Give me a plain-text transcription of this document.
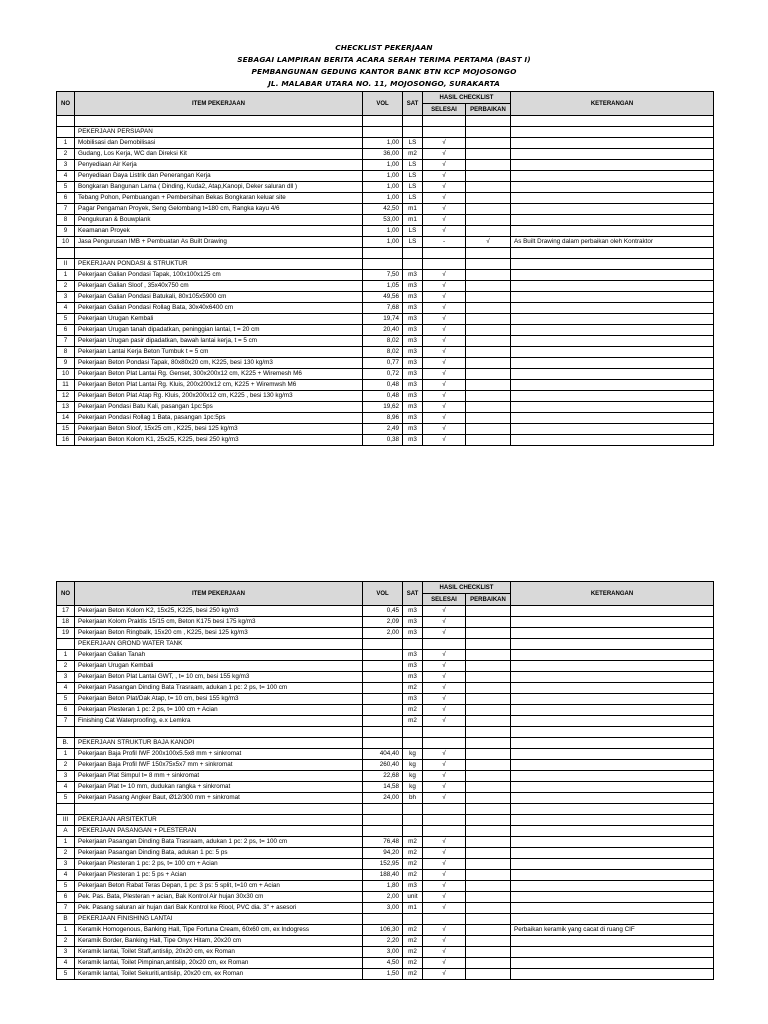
CHECKLIST PEKERJAAN
SEBAGAI LAMPIRAN BERITA ACARA SERAH TERIMA PERTAMA (BAST I)
PEMBANGUNAN GEDUNG KANTOR BANK BTN KCP MOJOSONGO
JL. MALABAR UTARA NO. 11, MOJOSONGO, SURAKARTA
NO	ITEM PEKERJAAN	VOL	SAT	HASIL CHECKLIST		KETERANGAN
				SELESAI	PERBAIKAN	

	PEKERJAAN PERSIAPAN					
1	Mobilisasi dan Demobilisasi	1,00	LS	√		
2	Gudang, Los Kerja, WC dan Direksi Kit	36,00	m2	√		
3	Penyediaan Air Kerja	1,00	LS	√		
4	Penyediaan Daya Listrik dan Penerangan Kerja	1,00	LS	√		
5	Bongkaran Bangunan Lama ( Dinding, Kuda2, Atap,Kanopi, Deker saluran dll )	1,00	LS	√		
6	Tebang Pohon, Pembuangan + Pembersihan Bekas Bongkaran keluar site	1,00	LS	√		
7	Pagar Pengaman Proyek, Seng Gelombang t=180 cm, Rangka kayu 4/6	42,50	m1	√		
8	Pengukuran & Bouwplank	53,00	m1	√		
9	Keamanan Proyek	1,00	LS	√		
10	Jasa Pengurusan IMB + Pembuatan As Built Drawing	1,00	LS	-	√	As Built Drawing dalam perbaikan oleh Kontraktor

II	PEKERJAAN PONDASI & STRUKTUR					
1	Pekerjaan Galian Pondasi Tapak, 100x100x125 cm	7,50	m3	√		
2	Pekerjaan Galian Sloof , 35x40x750 cm	1,05	m3	√		
3	Pekerjaan Galian Pondasi Batukali, 80x105x5900 cm	49,56	m3	√		
4	Pekerjaan Galian Pondasi Rollag Bata, 30x40x6400 cm	7,68	m3	√		
5	Pekerjaan Urugan Kembali	19,74	m3	√		
6	Pekerjaan Urugan tanah dipadatkan, peninggian lantai, t = 20 cm	20,40	m3	√		
7	Pekerjaan Urugan pasir dipadatkan, bawah lantai kerja, t = 5 cm	8,02	m3	√		
8	Pekerjaan Lantai Kerja Beton Tumbuk t = 5 cm	8,02	m3	√		
9	Pekerjaan Beton Pondasi Tapak, 80x80x20 cm, K225, besi 130 kg/m3	0,77	m3	√		
10	Pekerjaan Beton Plat Lantai Rg. Genset, 300x200x12 cm, K225 + Wiremesh M6	0,72	m3	√		
11	Pekerjaan Beton Plat Lantai Rg. Kluis, 200x200x12 cm, K225 + Wiremwsh M6	0,48	m3	√		
12	Pekerjaan Beton Plat Atap Rg. Kluis, 200x200x12 cm, K225 , besi 130 kg/m3	0,48	m3	√		
13	Pekerjaan Pondasi Batu Kali, pasangan 1pc:5ps	19,62	m3	√		
14	Pekerjaan Pondasi Rollag 1 Bata, pasangan 1pc:5ps	8,96	m3	√		
15	Pekerjaan Beton Sloof, 15x25 cm , K225, besi 125 kg/m3	2,49	m3	√		
16	Pekerjaan Beton Kolom K1, 25x25, K225, besi 250 kg/m3	0,38	m3	√		
NO	ITEM PEKERJAAN	VOL	SAT	HASIL CHECKLIST		KETERANGAN
				SELESAI	PERBAIKAN	
17	Pekerjaan Beton Kolom K2, 15x25, K225, besi 250 kg/m3	0,45	m3	√		
18	Pekerjaan Kolom Praktis 15/15 cm, Beton K175 besi 175 kg/m3	2,09	m3	√		
19	Pekerjaan Beton Ringbalk, 15x20 cm , K225, besi 125 kg/m3	2,00	m3	√		
	PEKERJAAN GROND WATER TANK					
1	Pekerjaan Galian Tanah		m3	√		
2	Pekerjaan Urugan Kembali		m3	√		
3	Pekerjaan Beton Plat Lantai GWT, , t= 10 cm, besi 155 kg/m3		m3	√		
4	Pekerjaan Pasangan Dinding Bata Trasraam, adukan 1 pc: 2 ps, t= 100 cm		m2	√		
5	Pekerjaan Beton Plat/Dak Atap, t= 10 cm, besi 155 kg/m3		m3	√		
6	Pekerjaan Plesteran 1 pc: 2 ps, t= 100 cm + Acian		m2	√		
7	Finishing Cat Waterproofing, e.x Lemkra		m2	√		

B.	PEKERJAAN STRUKTUR BAJA KANOPI					
1	Pekerjaan Baja Profil IWF 200x100x5.5x8 mm + sinkromat	404,40	kg	√		
2	Pekerjaan Baja Profil IWF 150x75x5x7 mm + sinkromat	260,40	kg	√		
3	Pekerjaan Plat Simpul t= 8 mm + sinkromat	22,68	kg	√		
4	Pekerjaan Plat t= 10 mm, dudukan rangka + sinkromat	14,58	kg	√		
5	Pekerjaan Pasang Angker Baut, Ø12/300 mm + sinkromat	24,00	bh	√		

III	PEKERJAAN ARSITEKTUR					
A	PEKERJAAN PASANGAN + PLESTERAN					
1	Pekerjaan Pasangan Dinding Bata Trasraam, adukan 1 pc: 2 ps, t= 100 cm	76,48	m2	√		
2	Pekerjaan Pasangan Dinding Bata, adukan 1 pc: 5 ps	94,20	m2	√		
3	Pekerjaan Plesteran 1 pc: 2 ps, t= 100 cm + Acian	152,95	m2	√		
4	Pekerjaan Plesteran 1 pc: 5 ps + Acian	188,40	m2	√		
5	Pekerjaan Beton Rabat Teras Depan, 1 pc: 3 ps: 5 split, t=10 cm + Acian	1,80	m3	√		
6	Pek. Pas. Bata, Plesteran + acian, Bak Kontrol Air hujan 30x30 cm	2,00	unit	√		
7	Pek. Pasang saluran air hujan dari Bak Kontrol ke Riool, PVC dia. 3" + asesori	3,00	m1	√		
B	PEKERJAAN FINISHING LANTAI					
1	Keramik Homogenous, Banking Hall, Tipe Fortuna Cream, 60x60 cm, ex Indogress	106,30	m2	√		Perbaikan keramik yang cacat di ruang CIF
2	Keramik Border, Banking Hall, Tipe Onyx Hitam, 20x20 cm	2,20	m2	√		
3	Keramik lantai, Toilet Staff,antislip, 20x20 cm, ex Roman	3,00	m2	√		
4	Keramik lantai, Toilet Pimpinan,antislip, 20x20 cm, ex Roman	4,50	m2	√		
5	Keramik lantai, Toilet Sekuriti,antislip, 20x20 cm, ex Roman	1,50	m2	√		
